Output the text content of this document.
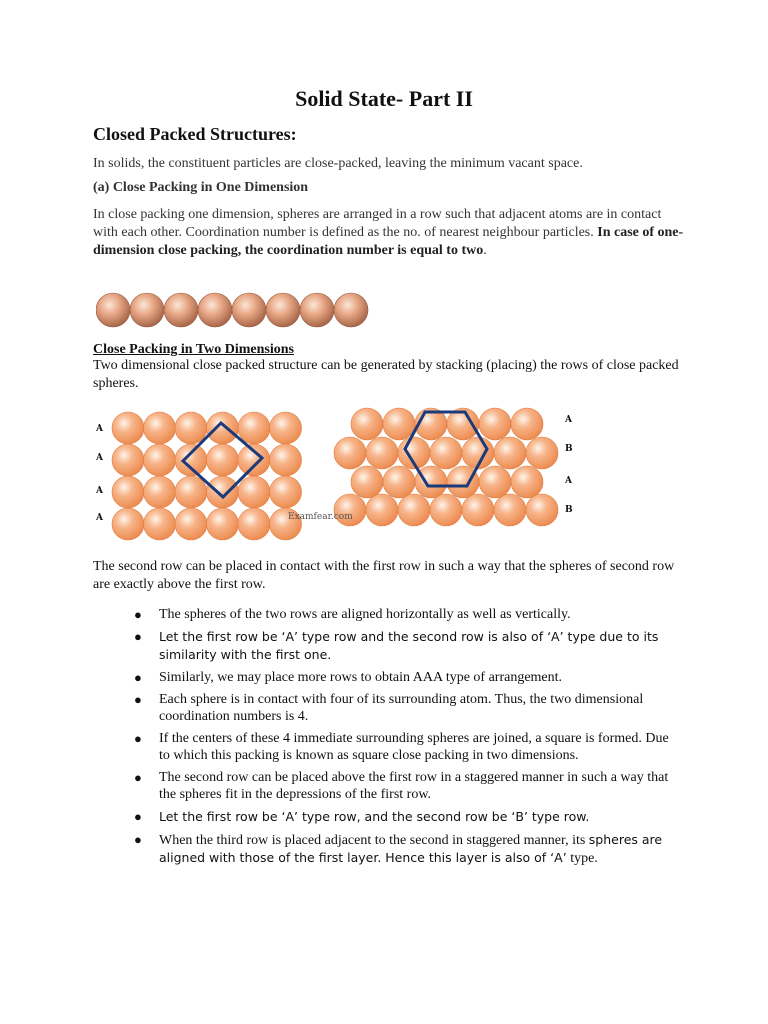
Solid State- Part II
Closed Packed Structures:
In solids, the constituent particles are close-packed, leaving the minimum vacant space.
(a) Close Packing in One Dimension
In close packing one dimension, spheres are arranged in a row such that adjacent atoms are in contact with each other. Coordination number is defined as the no. of nearest neighbour particles. In case of one-dimension close packing, the coordination number is equal to two.
Close Packing in Two Dimensions
Two dimensional close packed structure can be generated by stacking (placing) the rows of close packed spheres.
A
A
A
A
A
B
A
B
Examfear.com
The second row can be placed in contact with the first row in such a way that the spheres of second row are exactly above the first row.
● The spheres of the two rows are aligned horizontally as well as vertically.
● Let the first row be ‘A’ type row and the second row is also of ‘A’ type due to its similarity with the first one.
● Similarly, we may place more rows to obtain AAA type of arrangement.
● Each sphere is in contact with four of its surrounding atom. Thus, the two dimensional coordination numbers is 4.
● If the centers of these 4 immediate surrounding spheres are joined, a square is formed. Due to which this packing is known as square close packing in two dimensions.
● The second row can be placed above the first row in a staggered manner in such a way that the spheres fit in the depressions of the first row.
● Let the first row be ‘A’ type row, and the second row be ‘B’ type row.
● When the third row is placed adjacent to the second in staggered manner, its spheres are aligned with those of the first layer. Hence this layer is also of ‘A’ type.
